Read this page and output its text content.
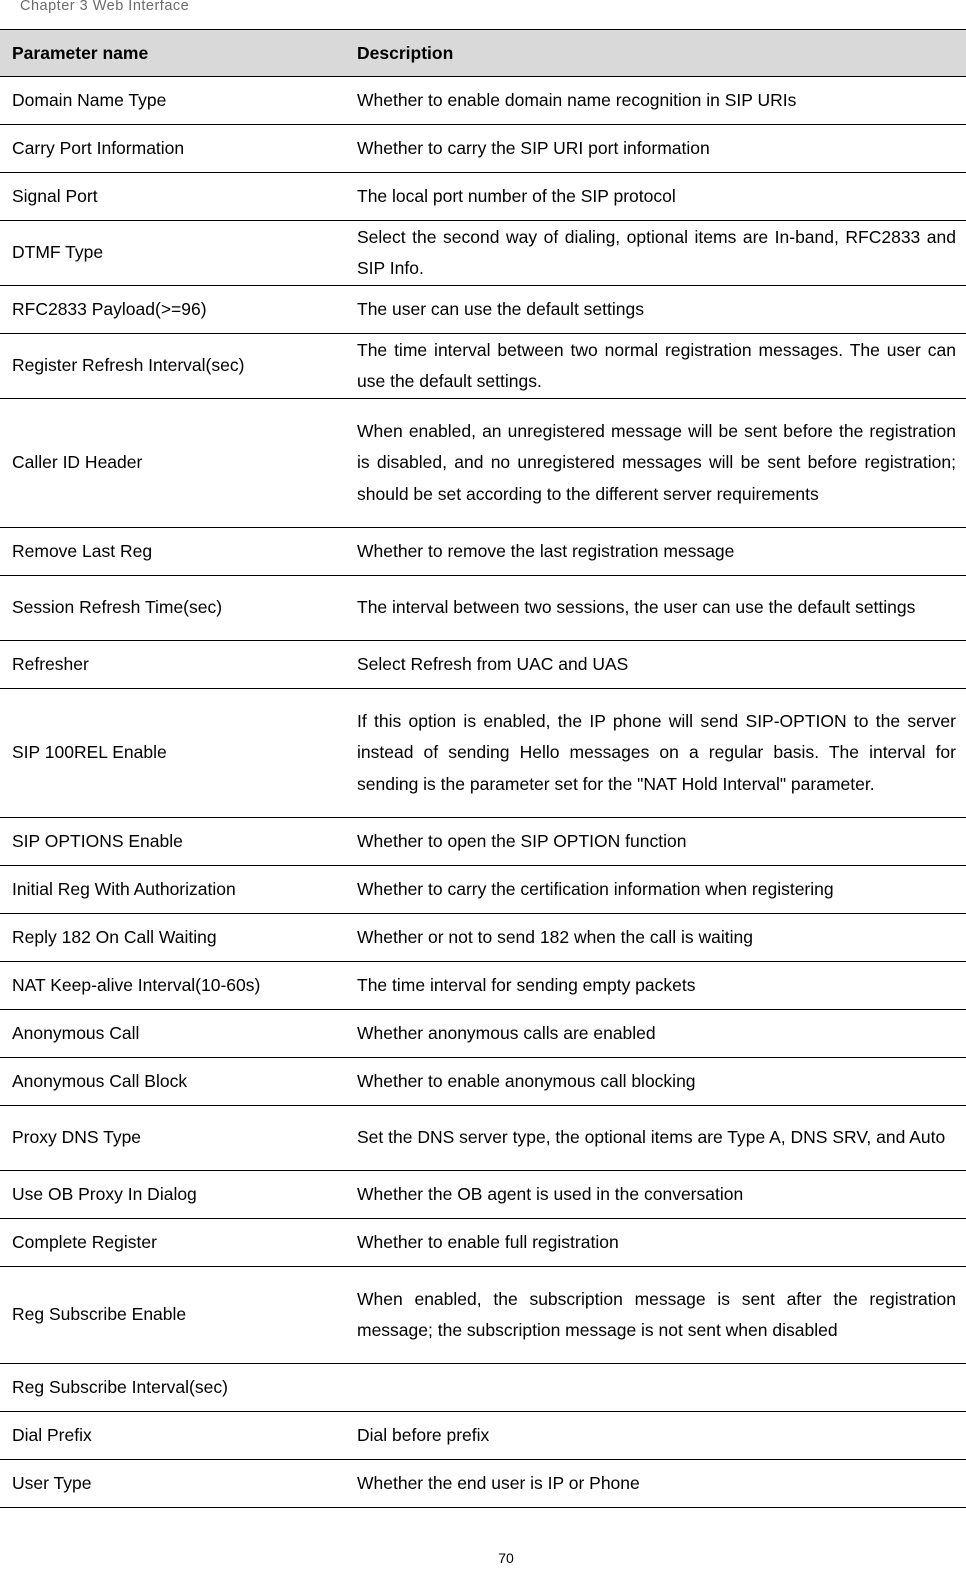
Chapter 3 Web Interface
Parameter name	Description
Domain Name Type	Whether to enable domain name recognition in SIP URIs
Carry Port Information	Whether to carry the SIP URI port information
Signal Port	The local port number of the SIP protocol
DTMF Type	Select the second way of dialing, optional items are In-band, RFC2833 and SIP Info.
RFC2833 Payload(>=96)	The user can use the default settings
Register Refresh Interval(sec)	The time interval between two normal registration messages. The user can use the default settings.
Caller ID Header	When enabled, an unregistered message will be sent before the registration is disabled, and no unregistered messages will be sent before registration; should be set according to the different server requirements
Remove Last Reg	Whether to remove the last registration message
Session Refresh Time(sec)	The interval between two sessions, the user can use the default settings
Refresher	Select Refresh from UAC and UAS
SIP 100REL Enable	If this option is enabled, the IP phone will send SIP-OPTION to the server instead of sending Hello messages on a regular basis. The interval for sending is the parameter set for the "NAT Hold Interval" parameter.
SIP OPTIONS Enable	Whether to open the SIP OPTION function
Initial Reg With Authorization	Whether to carry the certification information when registering
Reply 182 On Call Waiting	Whether or not to send 182 when the call is waiting
NAT Keep-alive Interval(10-60s)	The time interval for sending empty packets
Anonymous Call	Whether anonymous calls are enabled
Anonymous Call Block	Whether to enable anonymous call blocking
Proxy DNS Type	Set the DNS server type, the optional items are Type A, DNS SRV, and Auto
Use OB Proxy In Dialog	Whether the OB agent is used in the conversation
Complete Register	Whether to enable full registration
Reg Subscribe Enable	When enabled, the subscription message is sent after the registration message; the subscription message is not sent when disabled
Reg Subscribe Interval(sec)	
Dial Prefix	Dial before prefix
User Type	Whether the end user is IP or Phone
70
